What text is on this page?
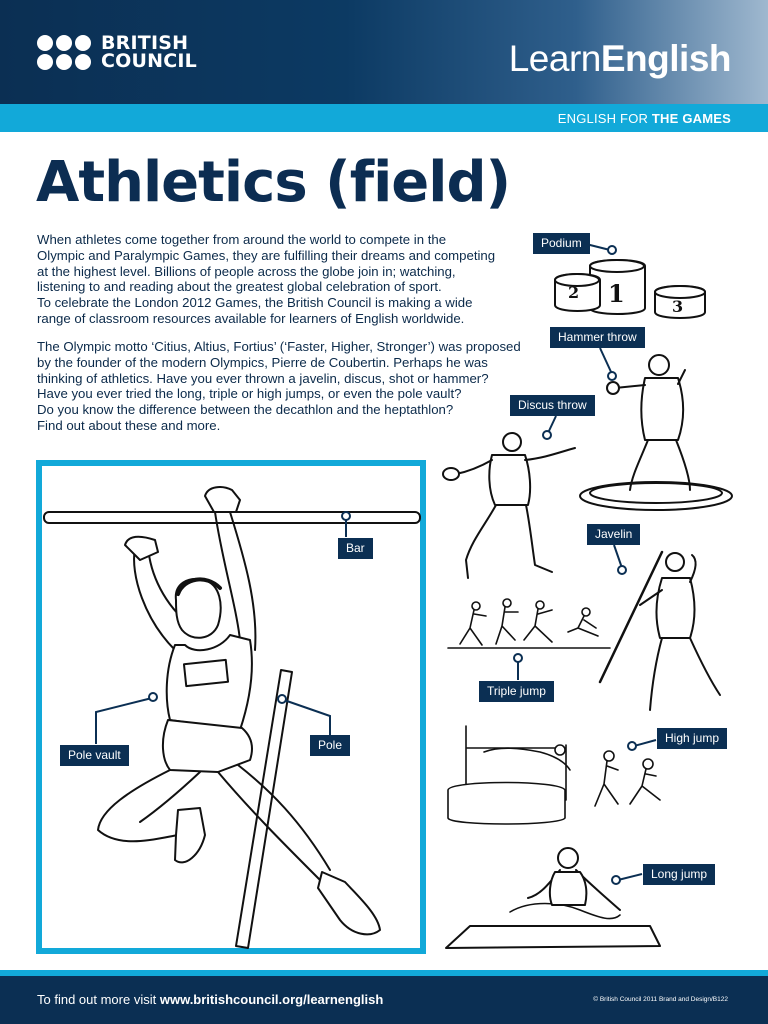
BRITISH
COUNCIL	LearnEnglish
ENGLISH FOR THE GAMES
Athletics (field)

When athletes come together from around the world to compete in the

Olympic and Paralympic Games, they are fulfilling their dreams and competing

at the highest level. Billions of people across the globe join in; watching,

listening to and reading about the greatest global celebration of sport.

To celebrate the London 2012 Games, the British Council is making a wide

range of classroom resources available for learners of English worldwide.

The Olympic motto ‘Citius, Altius, Fortius’ (‘Faster, Higher, Stronger’) was proposed

by the founder of the modern Olympics, Pierre de Coubertin. Perhaps he was

thinking of athletics. Have you ever thrown a javelin, discus, shot or hammer?

Have you ever tried the long, triple or high jumps, or even the pole vault?

Do you know the difference between the decathlon and the heptathlon?

Find out about these and more.

2 1	3
Podium
Hammer throw
Discus throw
Javelin
Triple jump
High jump
Long jump
Bar
Pole
Pole vault
To find out more visit www.britishcouncil.org/learnenglish	© British Council 2011 Brand and Design/B122
